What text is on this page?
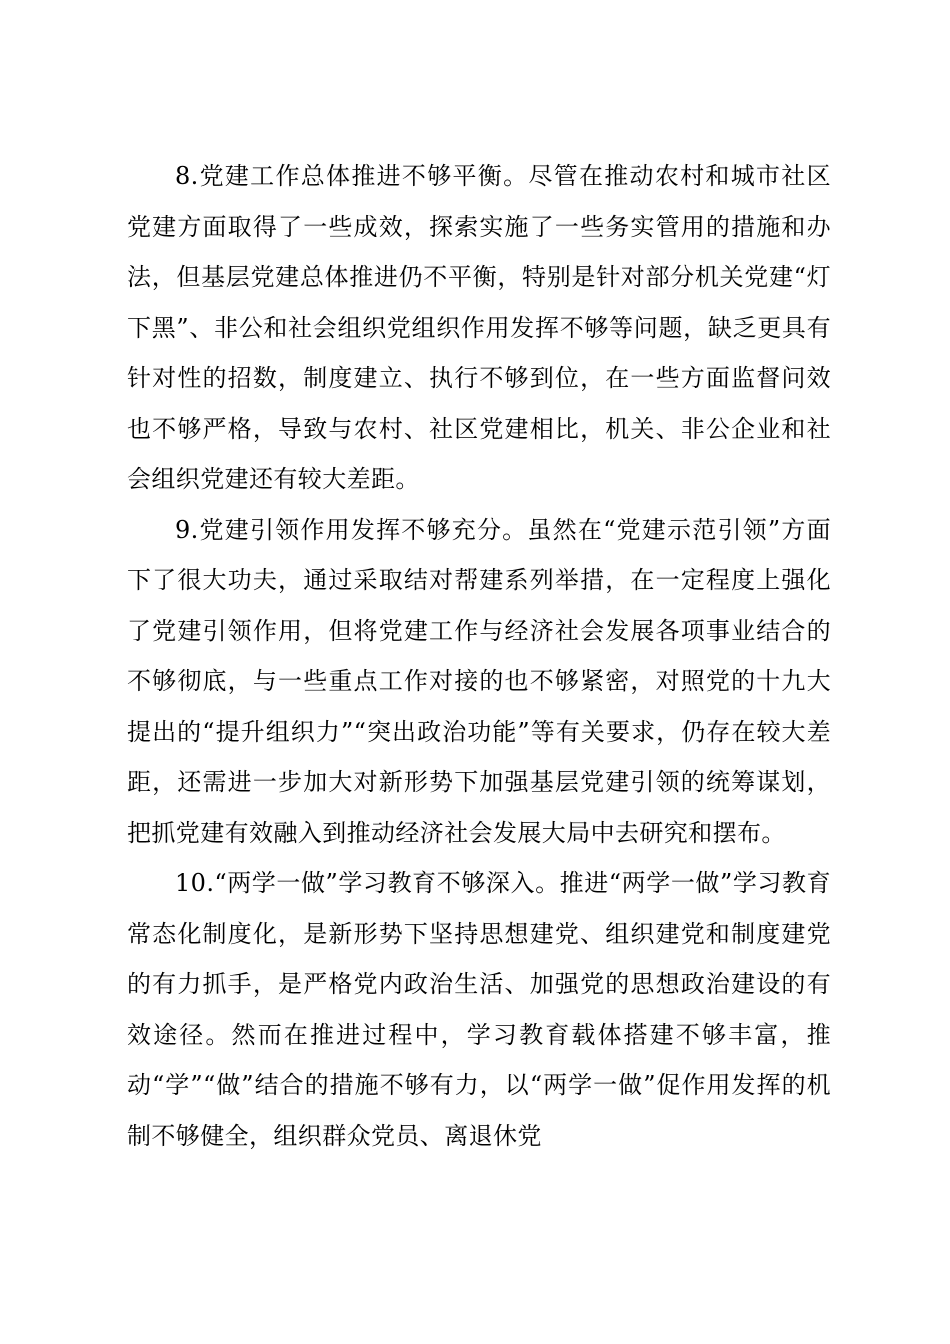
8.党建工作总体推进不够平衡。尽管在推动农村和城市社区党建方面取得了一些成效，探索实施了一些务实管用的措施和办法，但基层党建总体推进仍不平衡，特别是针对部分机关党建“灯下黑”、非公和社会组织党组织作用发挥不够等问题，缺乏更具有针对性的招数，制度建立、执行不够到位，在一些方面监督问效也不够严格，导致与农村、社区党建相比，机关、非公企业和社会组织党建还有较大差距。

9.党建引领作用发挥不够充分。虽然在“党建示范引领”方面下了很大功夫，通过采取结对帮建系列举措，在一定程度上强化了党建引领作用，但将党建工作与经济社会发展各项事业结合的不够彻底，与一些重点工作对接的也不够紧密，对照党的十九大提出的“提升组织力”“突出政治功能”等有关要求，仍存在较大差距，还需进一步加大对新形势下加强基层党建引领的统筹谋划，把抓党建有效融入到推动经济社会发展大局中去研究和摆布。

10.“两学一做”学习教育不够深入。推进“两学一做”学习教育常态化制度化，是新形势下坚持思想建党、组织建党和制度建党的有力抓手，是严格党内政治生活、加强党的思想政治建设的有效途径。然而在推进过程中，学习教育载体搭建不够丰富，推动“学”“做”结合的措施不够有力，以“两学一做”促作用发挥的机制不够健全，组织群众党员、离退休党
